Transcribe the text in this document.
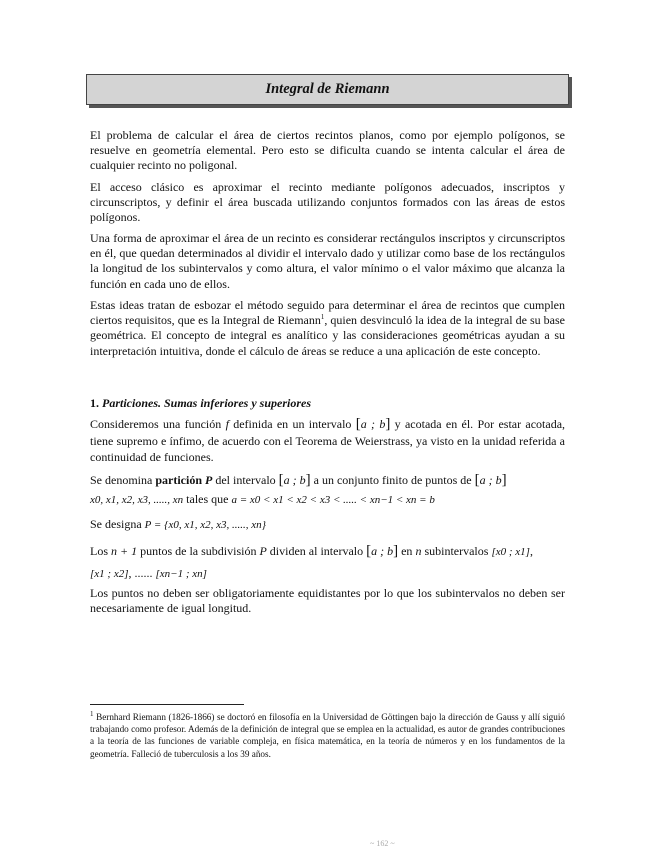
Integral de Riemann

El problema de calcular el área de ciertos recintos planos, como por ejemplo polígonos, se resuelve en geometría elemental. Pero esto se dificulta cuando se intenta calcular el área de cualquier recinto no poligonal.

El acceso clásico es aproximar el recinto mediante polígonos adecuados, inscriptos y circunscriptos, y definir el área buscada utilizando conjuntos formados con las áreas de estos polígonos.

Una forma de aproximar el área de un recinto es considerar rectángulos inscriptos y circunscriptos en él, que quedan determinados al dividir el intervalo dado y utilizar como base de los rectángulos la longitud de los subintervalos y como altura, el valor mínimo o el valor máximo que alcanza la función en cada uno de ellos.

Estas ideas tratan de esbozar el método seguido para determinar el área de recintos que cumplen ciertos requisitos, que es la Integral de Riemann$^1$, quien desvinculó la idea de la integral de su base geométrica. El concepto de integral es analítico y las consideraciones geométricas ayudan a su interpretación intuitiva, donde el cálculo de áreas se reduce a una aplicación de este concepto.

1. Particiones. Sumas inferiores y superiores

Consideremos una función f definida en un intervalo [a ; b] y acotada en él. Por estar acotada, tiene supremo e ínfimo, de acuerdo con el Teorema de Weierstrass, ya visto en la unidad referida a continuidad de funciones.

Se denomina partición P del intervalo [a ; b] a un conjunto finito de puntos de [a ; b]
x0, x1, x2, x3, ....., xn tales que a = x0 < x1 < x2 < x3 < ..... < xn−1 < xn = b

Se designa P = {x0, x1, x2, x3, ....., xn}

Los n + 1 puntos de la subdivisión P dividen al intervalo [a ; b] en n subintervalos [x0 ; x1],
[x1 ; x2], ...... [xn−1 ; xn]

Los puntos no deben ser obligatoriamente equidistantes por lo que los subintervalos no deben ser necesariamente de igual longitud.

$^1$ Bernhard Riemann (1826-1866) se doctoró en filosofía en la Universidad de Göttingen bajo la dirección de Gauss y allí siguió trabajando como profesor. Además de la definición de integral que se emplea en la actualidad, es autor de grandes contribuciones a la teoría de las funciones de variable compleja, en física matemática, en la teoría de números y en los fundamentos de la geometría. Falleció de tuberculosis a los 39 años.

~ 162 ~
